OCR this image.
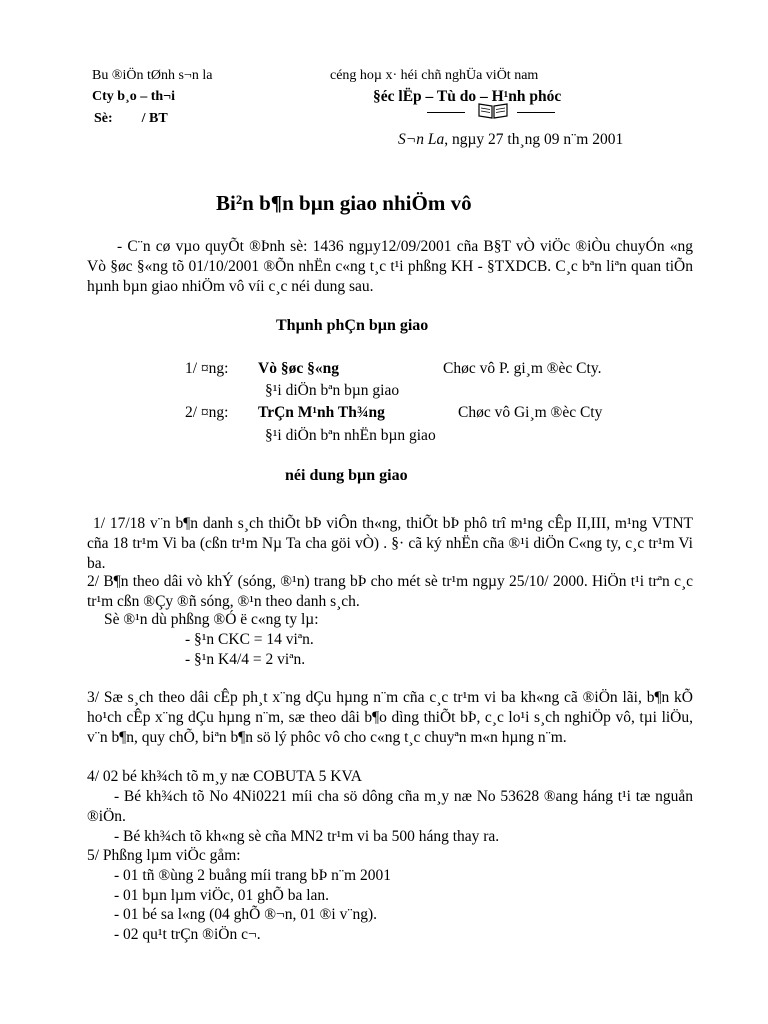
Bu ®iÖn tØnh s¬n la
Cty b¸o – th¬i
Sè: / BT
céng hoµ x· héi chñ nghÜa viÖt nam
§éc lËp – Tù do – H¹nh phóc
S¬n La, ngµy 27 th¸ng 09 n¨m 2001
Bi²n b¶n bµn giao nhiÖm vô
- C¨n cø vµo quyÕt ®Þnh sè: 1436 ngµy12/09/2001 cña B§T vÒ viÖc ®iÒu chuyÓn «ng Vò §øc §«ng tõ 01/10/2001 ®Õn nhËn c«ng t¸c t¹i phßng KH - §TXDCB. C¸c bªn liªn quan tiÕn hµnh bµn giao nhiÖm vô víi c¸c néi dung sau.
Thµnh phÇn bµn giao
1/ ¤ng: Vò §øc §«ng	Chøc vô P. gi¸m ®èc Cty.
§¹i diÖn bªn bµn giao
2/ ¤ng: TrÇn M¹nh Th¾ng	Chøc vô Gi¸m ®èc Cty
§¹i diÖn bªn nhËn bµn giao
néi dung bµn giao
1/ 17/18 v¨n b¶n danh s¸ch thiÕt bÞ viÔn th«ng, thiÕt bÞ phô trî m¹ng cÊp II,III, m¹ng VTNT cña 18 tr¹m Vi ba (cßn tr¹m Nµ Ta cha göi vÒ) . §· cã ký nhËn cña ®¹i diÖn C«ng ty, c¸c tr¹m Vi ba.
2/ B¶n theo dâi vò khÝ (sóng, ®¹n) trang bÞ cho mét sè tr¹m ngµy 25/10/ 2000. HiÖn t¹i trªn c¸c tr¹m cßn ®Çy ®ñ sóng, ®¹n theo danh s¸ch.
Sè ®¹n dù phßng ®Ó ë c«ng ty lµ:
- §¹n CKC = 14 viªn.
- §¹n K4/4 = 2 viªn.
3/ Sæ s¸ch theo dâi cÊp ph¸t x¨ng dÇu hµng n¨m cña c¸c tr¹m vi ba kh«ng cã ®iÖn lãi, b¶n kÕ ho¹ch cÊp x¨ng dÇu hµng n¨m, sæ theo dâi b¶o dìng thiÕt bÞ, c¸c lo¹i s¸ch nghiÖp vô, tµi liÖu, v¨n b¶n, quy chÕ, biªn b¶n sö lý phôc vô cho c«ng t¸c chuyªn m«n hµng n¨m.
4/ 02 bé kh¾ch tõ m¸y næ COBUTA 5 KVA
- Bé kh¾ch tõ No 4Ni0221 míi cha sö dông cña m¸y næ No 53628 ®ang háng t¹i tæ nguån ®iÖn.
- Bé kh¾ch tõ kh«ng sè cña MN2 tr¹m vi ba 500 háng thay ra.
5/ Phßng lµm viÖc gåm:
- 01 tñ ®ùng 2 buång míi trang bÞ n¨m 2001
- 01 bµn lµm viÖc, 01 ghÕ ba lan.
- 01 bé sa l«ng (04 ghÕ ®¬n, 01 ®i v¨ng).
- 02 qu¹t trÇn ®iÖn c¬.
